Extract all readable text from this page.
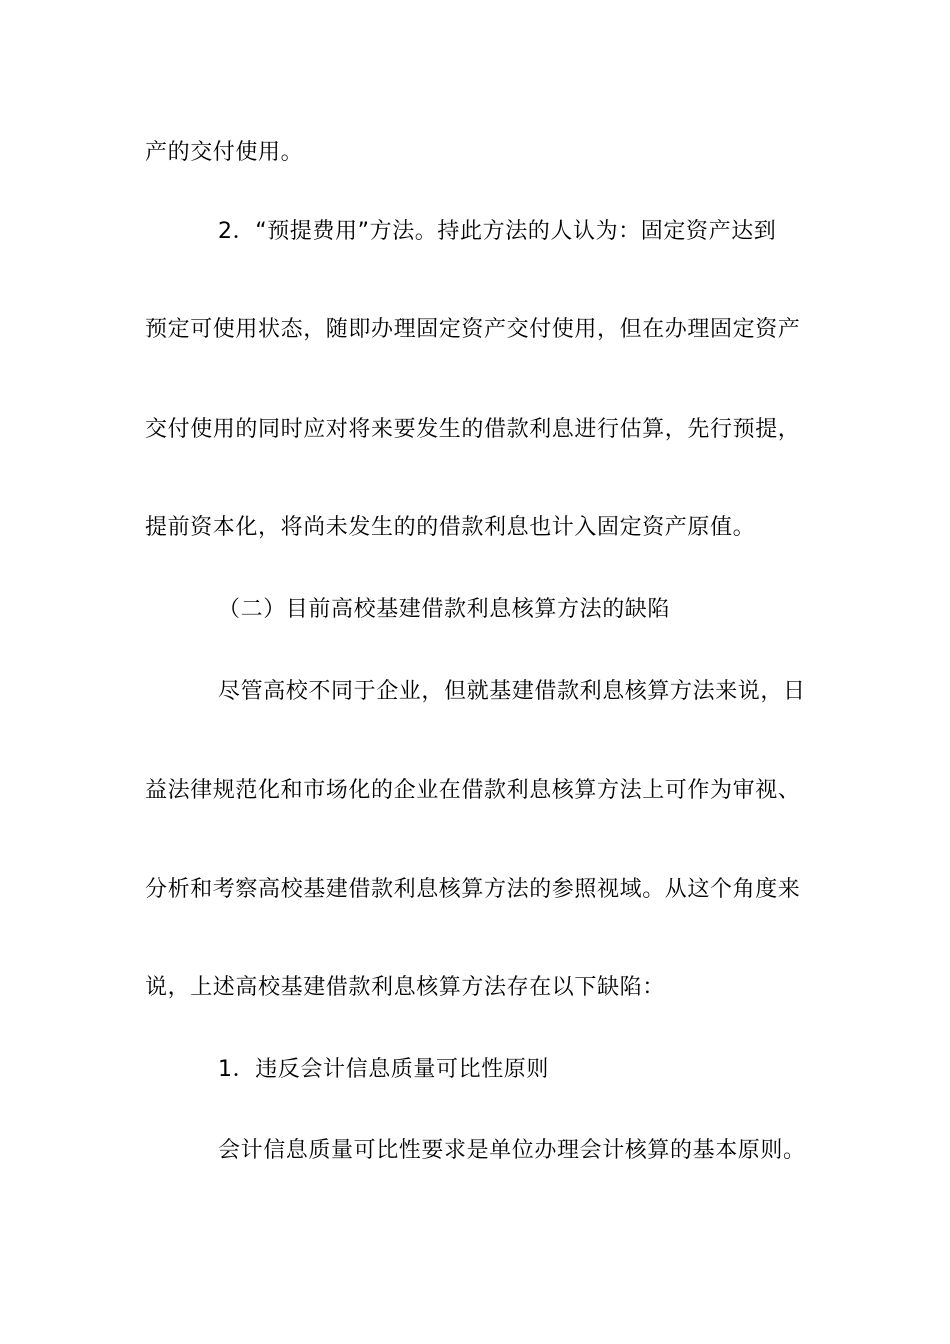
产的交付使用。
2．“预提费用”方法。持此方法的人认为：固定资产达到
预定可使用状态，随即办理固定资产交付使用，但在办理固定资产
交付使用的同时应对将来要发生的借款利息进行估算，先行预提，
提前资本化，将尚未发生的的借款利息也计入固定资产原值。
（二）目前高校基建借款利息核算方法的缺陷
尽管高校不同于企业，但就基建借款利息核算方法来说，日
益法律规范化和市场化的企业在借款利息核算方法上可作为审视、
分析和考察高校基建借款利息核算方法的参照视域。从这个角度来
说，上述高校基建借款利息核算方法存在以下缺陷：
1．违反会计信息质量可比性原则
会计信息质量可比性要求是单位办理会计核算的基本原则。
